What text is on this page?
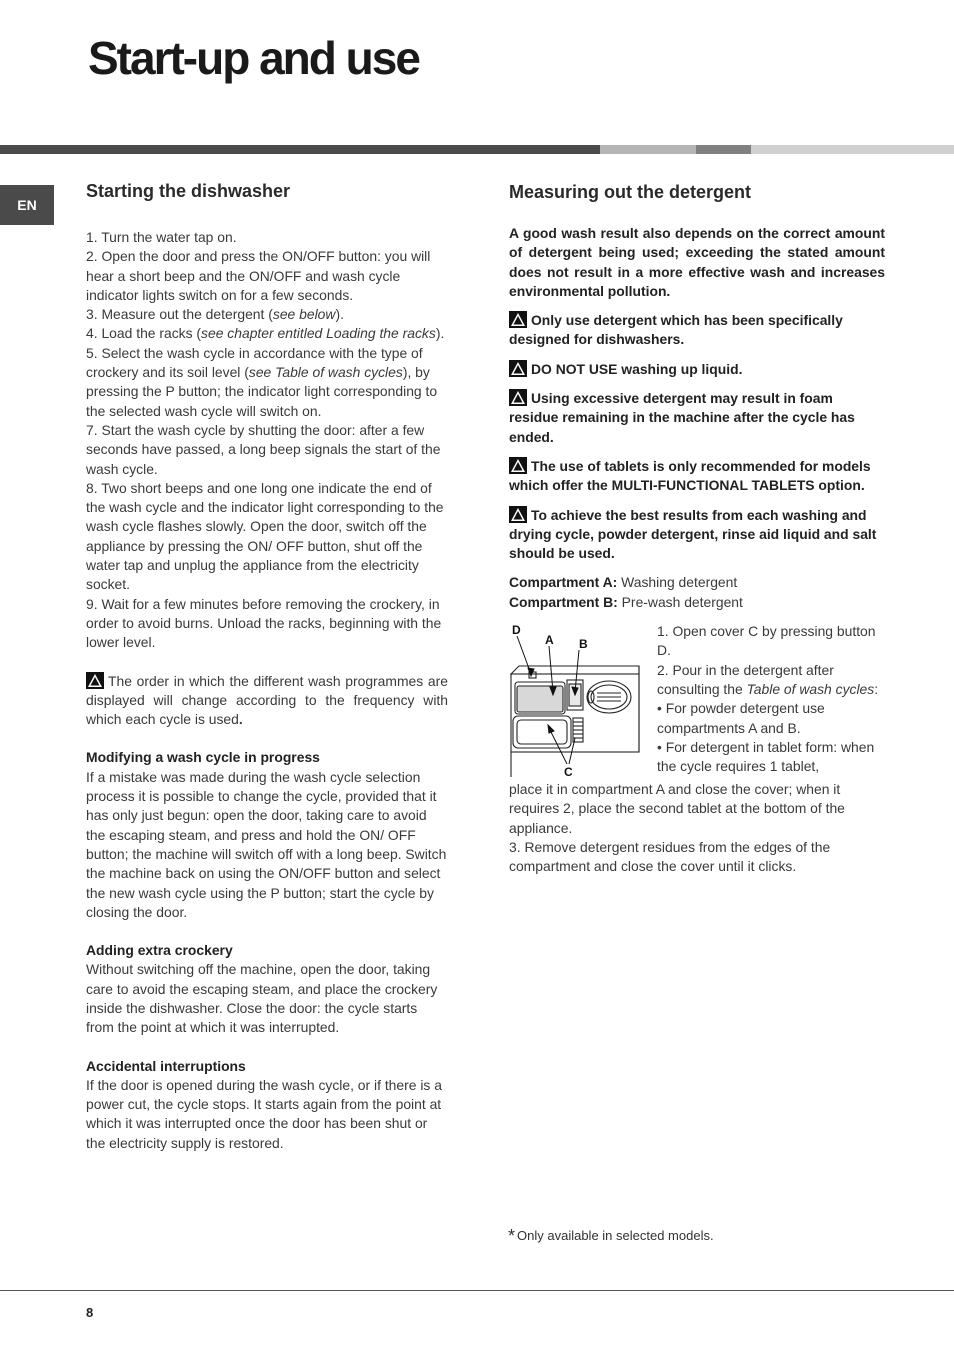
Start-up and use
EN

Starting the dishwasher

1. Turn the water tap on.

2. Open the door and press the ON/OFF button: you will hear a short beep and the ON/OFF and wash cycle indicator lights switch on for a few seconds.

3. Measure out the detergent (see below).

4. Load the racks (see chapter entitled Loading the racks).

5. Select the wash cycle in accordance with the type of crockery and its soil level (see Table of wash cycles), by pressing the P button; the indicator light corresponding to the selected wash cycle will switch on.

7. Start the wash cycle by shutting the door: after a few seconds have passed, a long beep signals the start of the wash cycle.

8. Two short beeps and one long one indicate the end of the wash cycle and the indicator light corresponding to the wash cycle flashes slowly. Open the door, switch off the appliance by pressing the ON/ OFF button, shut off the water tap and unplug the appliance from the electricity socket.

9. Wait for a few minutes before removing the crockery, in order to avoid burns. Unload the racks, beginning with the lower level.

The order in which the different wash programmes are displayed will change according to the frequency with which each cycle is used.

Modifying a wash cycle in progress

If a mistake was made during the wash cycle selection process it is possible to change the cycle, provided that it has only just begun: open the door, taking care to avoid the escaping steam, and press and hold the ON/ OFF button; the machine will switch off with a long beep. Switch the machine back on using the ON/OFF button and select the new wash cycle using the P button; start the cycle by closing the door.

Adding extra crockery

Without switching off the machine, open the door, taking care to avoid the escaping steam, and place the crockery inside the dishwasher. Close the door: the cycle starts from the point at which it was interrupted.

Accidental interruptions

If the door is opened during the wash cycle, or if there is a power cut, the cycle stops. It starts again from the point at which it was interrupted once the door has been shut or the electricity supply is restored.

Measuring out the detergent

A good wash result also depends on the correct amount of detergent being used; exceeding the stated amount does not result in a more effective wash and increases environmental pollution.

Only use detergent which has been specifically designed for dishwashers.

DO NOT USE washing up liquid.

Using excessive detergent may result in foam residue remaining in the machine after the cycle has ended.

The use of tablets is only recommended for models which offer the MULTI-FUNCTIONAL TABLETS option.

To achieve the best results from each washing and drying cycle, powder detergent, rinse aid liquid and salt should be used.

Compartment A: Washing detergent

Compartment B: Pre-wash detergent

D
A B
C

1. Open cover C by pressing button D.

2. Pour in the detergent after consulting the Table of wash cycles:

• For powder detergent use compartments A and B.

• For detergent in tablet form: when the cycle requires 1 tablet,

place it in compartment A and close the cover; when it requires 2, place the second tablet at the bottom of the appliance.

3. Remove detergent residues from the edges of the compartment and close the cover until it clicks.

* Only available in selected models.
8
